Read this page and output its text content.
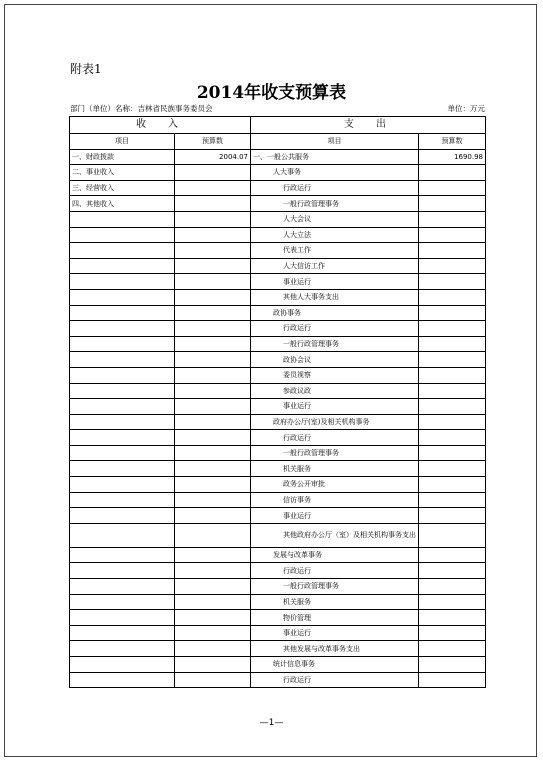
附表1
2014年收支预算表
部门（单位）名称：吉林省民族事务委员会	单位：万元
收　入		支　出	
项目	预算数	项目	预算数
一、财政拨款	2004.07	一、一般公共服务	1690.98
二、事业收入		人大事务	
三、经营收入		行政运行	
四、其他收入		一般行政管理事务	
		人大会议	
		人大立法	
		代表工作	
		人大信访工作	
		事业运行	
		其他人大事务支出	
		政协事务	
		行政运行	
		一般行政管理事务	
		政协会议	
		委员视察	
		参政议政	
		事业运行	
		政府办公厅(室)及相关机构事务	
		行政运行	
		一般行政管理事务	
		机关服务	
		政务公开审批	
		信访事务	
		事业运行	
		其他政府办公厅（室）及相关机构事务支出	
		发展与改革事务	
		行政运行	
		一般行政管理事务	
		机关服务	
		物价管理	
		事业运行	
		其他发展与改革事务支出	
		统计信息事务	
		行政运行	
—1—
